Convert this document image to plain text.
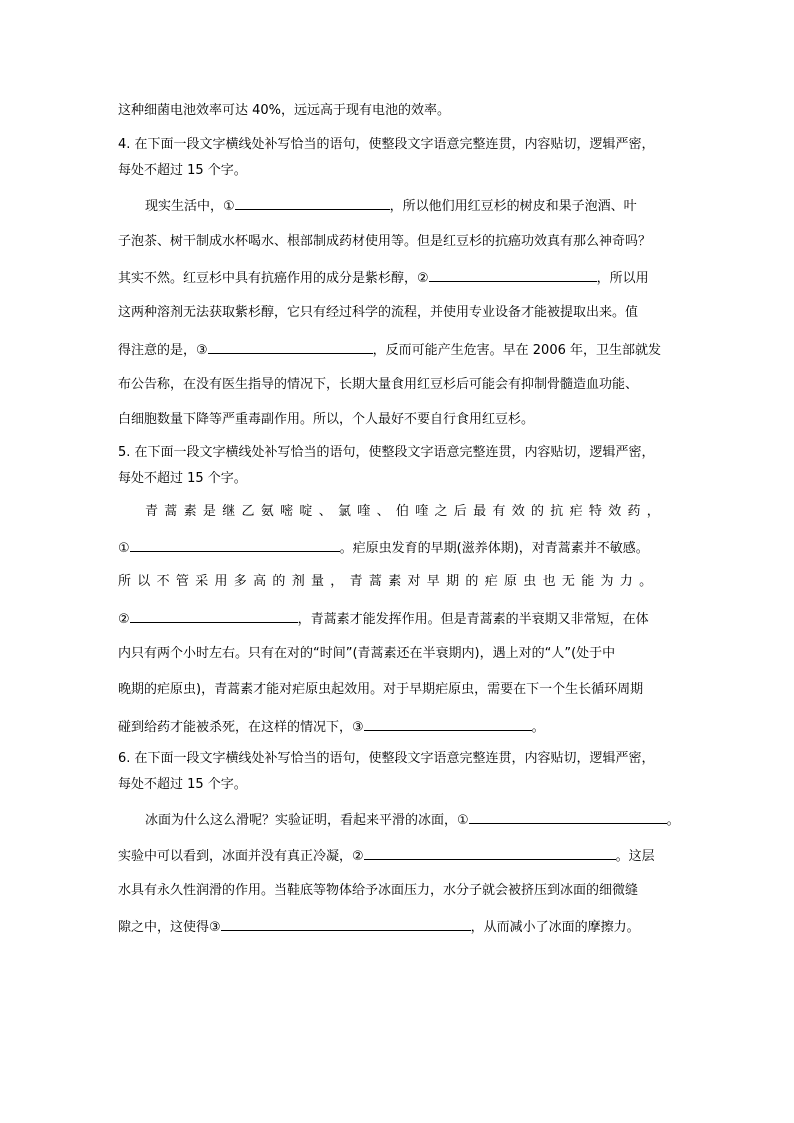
这种细菌电池效率可达 40%，远远高于现有电池的效率。
4. 在下面一段文字横线处补写恰当的语句，使整段文字语意完整连贯，内容贴切，逻辑严密，
每处不超过 15 个字。
现实生活中，①	，所以他们用红豆杉的树皮和果子泡酒、叶
子泡茶、树干制成水杯喝水、根部制成药材使用等。但是红豆杉的抗癌功效真有那么神奇吗？
其实不然。红豆杉中具有抗癌作用的成分是紫杉醇，②	，所以用
这两种溶剂无法获取紫杉醇，它只有经过科学的流程，并使用专业设备才能被提取出来。值
得注意的是，③	，反而可能产生危害。早在 2006 年，卫生部就发
布公告称，在没有医生指导的情况下，长期大量食用红豆杉后可能会有抑制骨髓造血功能、
白细胞数量下降等严重毒副作用。所以，个人最好不要自行食用红豆杉。
5. 在下面一段文字横线处补写恰当的语句，使整段文字语意完整连贯，内容贴切，逻辑严密，
每处不超过 15 个字。
青蒿素是继乙氨嘧啶、氯喹、伯喹之后最有效的抗疟特效药，
①	。疟原虫发育的早期(滋养体期)，对青蒿素并不敏感。
所以不管采用多高的剂量，青蒿素对早期的疟原虫也无能为力。
②	，青蒿素才能发挥作用。但是青蒿素的半衰期又非常短，在体
内只有两个小时左右。只有在对的“时间”(青蒿素还在半衰期内)，遇上对的“人”(处于中
晚期的疟原虫)，青蒿素才能对疟原虫起效用。对于早期疟原虫，需要在下一个生长循环周期
碰到给药才能被杀死，在这样的情况下，③	。
6. 在下面一段文字横线处补写恰当的语句，使整段文字语意完整连贯，内容贴切，逻辑严密，
每处不超过 15 个字。
冰面为什么这么滑呢？实验证明，看起来平滑的冰面，①	。
实验中可以看到，冰面并没有真正冷凝，②	。这层
水具有永久性润滑的作用。当鞋底等物体给予冰面压力，水分子就会被挤压到冰面的细微缝
隙之中，这使得③	，从而减小了冰面的摩擦力。
